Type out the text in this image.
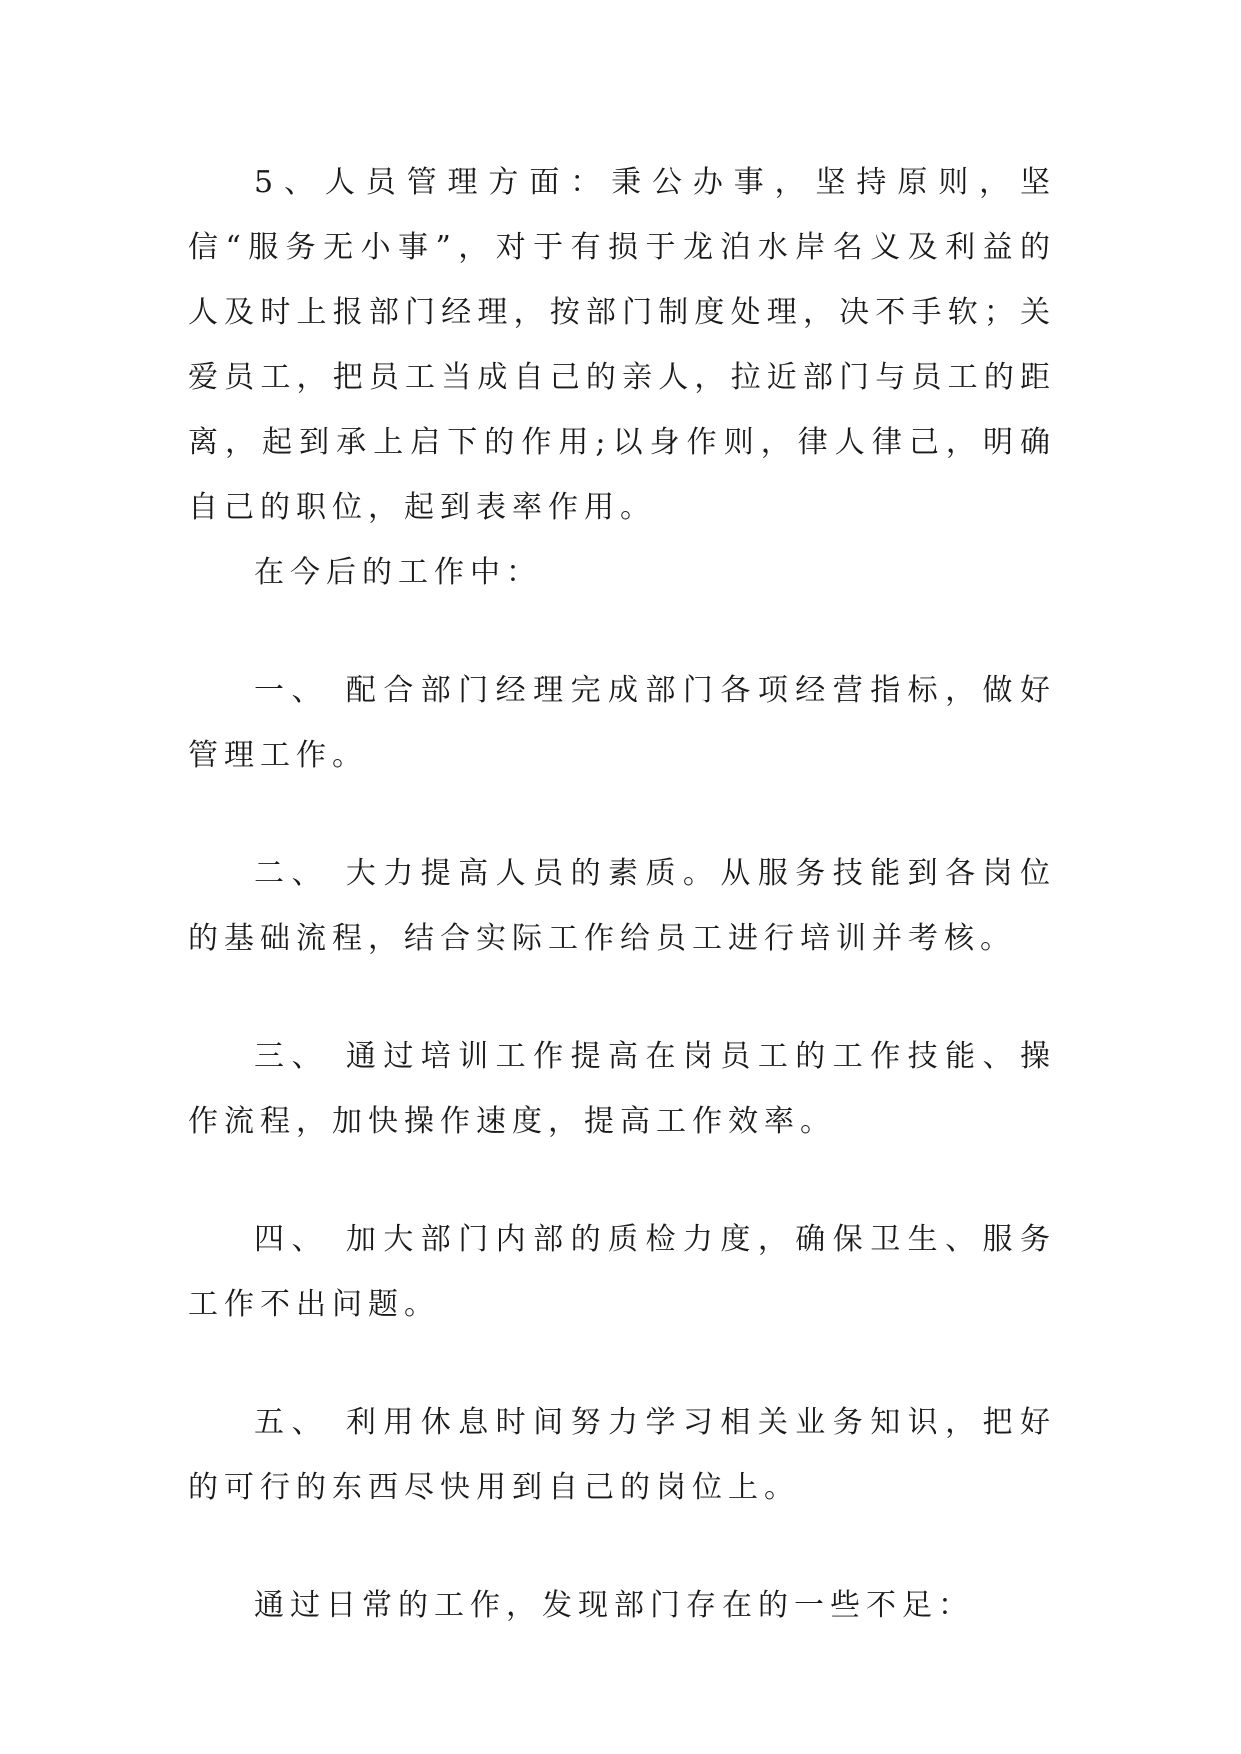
5、人员管理方面：秉公办事，坚持原则，坚信“服务无小事”，对于有损于龙泊水岸名义及利益的人及时上报部门经理，按部门制度处理，决不手软；关爱员工，把员工当成自己的亲人，拉近部门与员工的距离，起到承上启下的作用;以身作则，律人律己，明确自己的职位，起到表率作用。

在今后的工作中：

一、 配合部门经理完成部门各项经营指标，做好管理工作。

二、 大力提高人员的素质。从服务技能到各岗位的基础流程，结合实际工作给员工进行培训并考核。

三、 通过培训工作提高在岗员工的工作技能、操作流程，加快操作速度，提高工作效率。

四、 加大部门内部的质检力度，确保卫生、服务工作不出问题。

五、 利用休息时间努力学习相关业务知识，把好的可行的东西尽快用到自己的岗位上。

通过日常的工作，发现部门存在的一些不足：
